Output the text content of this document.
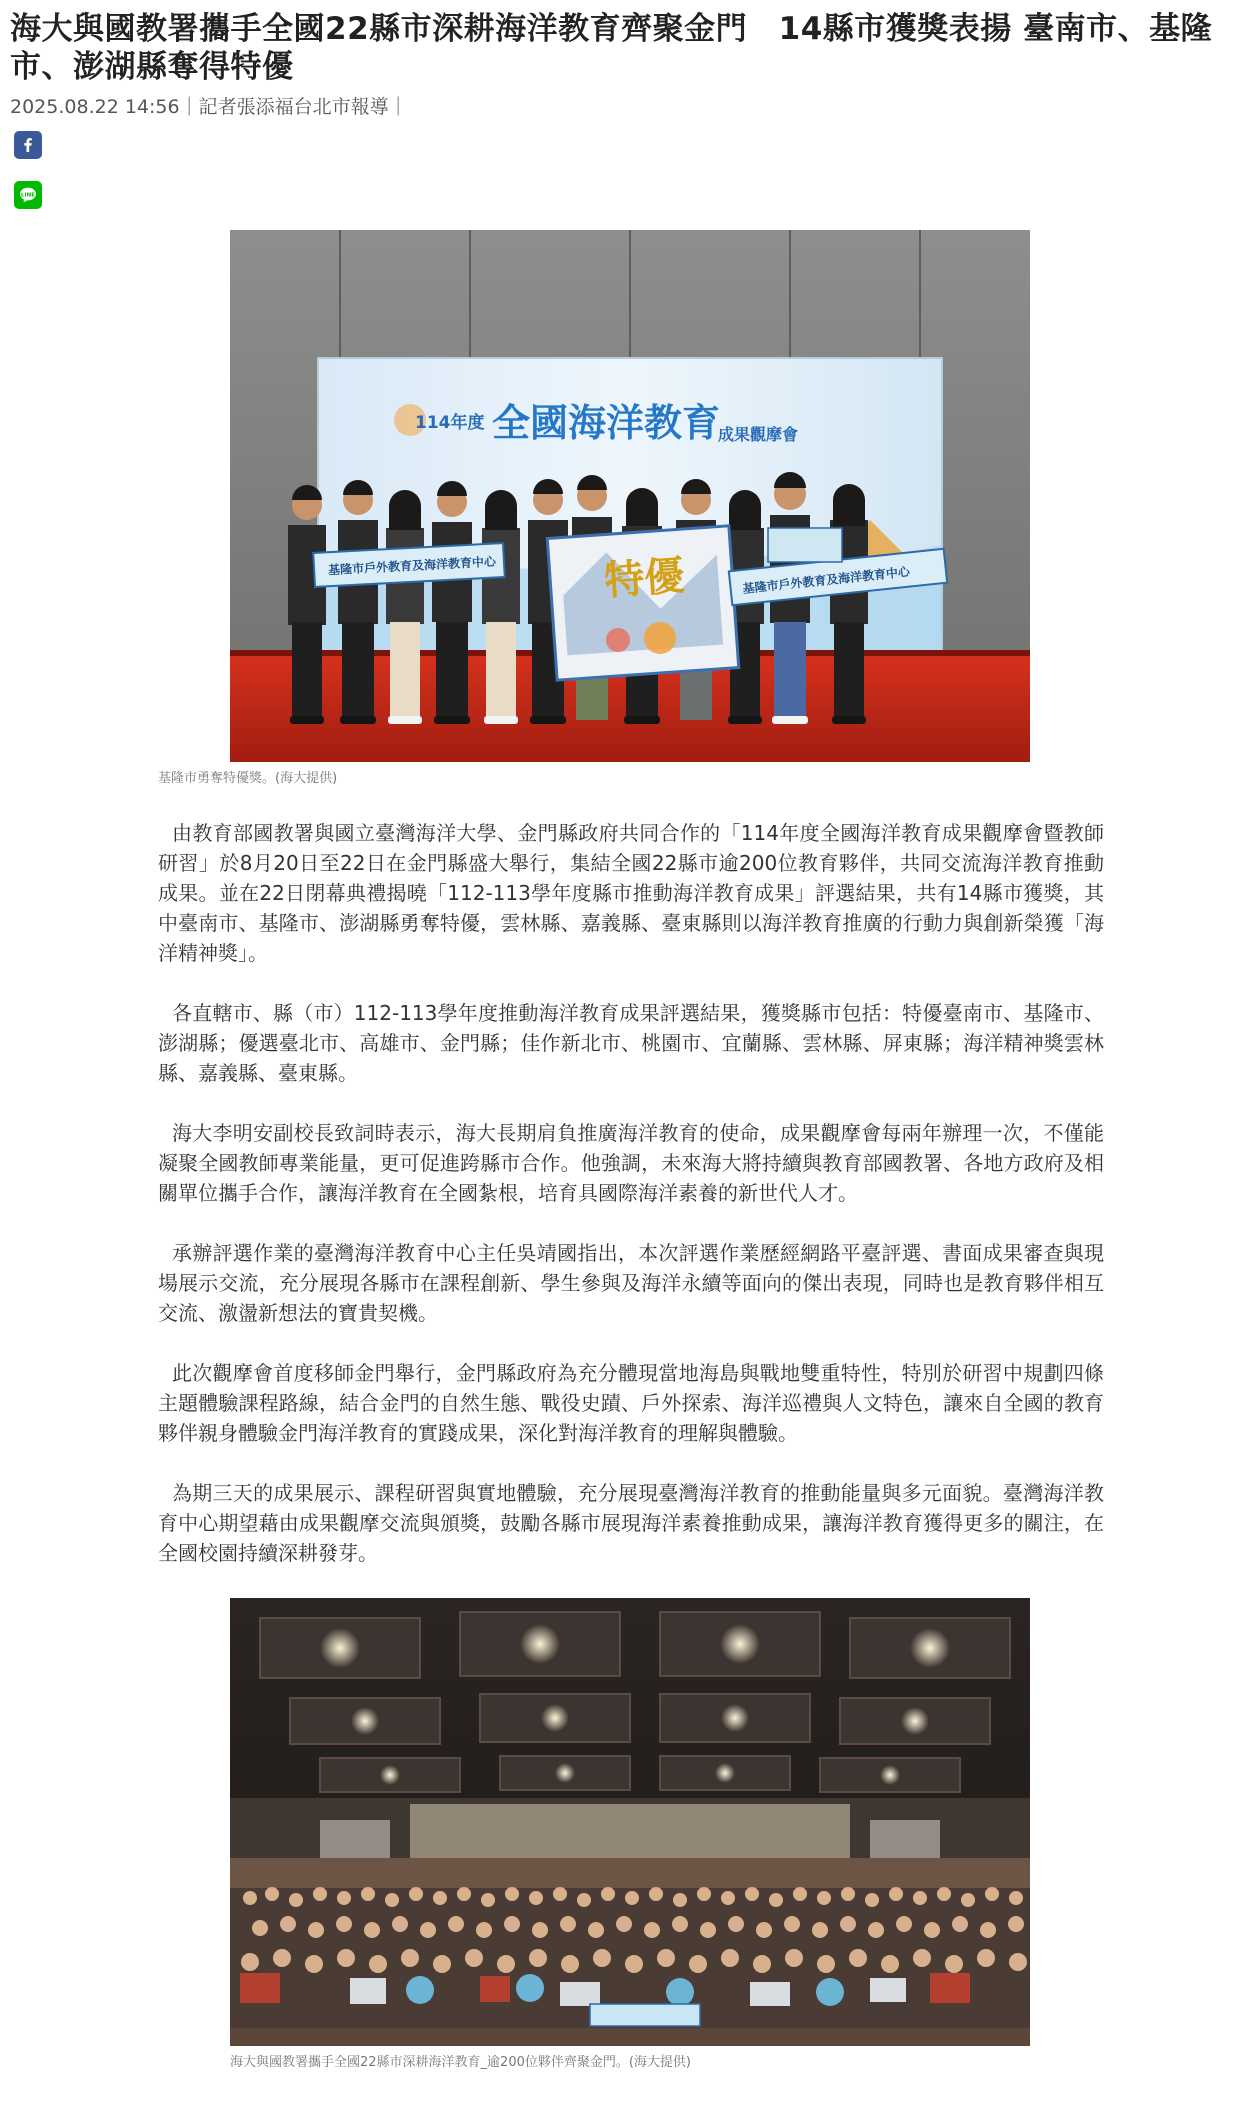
海大與國教署攜手全國22縣市深耕海洋教育齊聚金門　14縣市獲獎表揚 臺南市、基隆市、澎湖縣奪得特優
2025.08.22 14:56｜記者張添福台北市報導｜
LINE
114年度 全國海洋教育
成果觀摩會
基隆市戶外教育及海洋教育中心	特優	基隆市戶外教育及海洋教育中心

基隆市勇奪特優獎。(海大提供)

由教育部國教署與國立臺灣海洋大學、金門縣政府共同合作的「114年度全國海洋教育成果觀摩會暨教師研習」於8月20日至22日在金門縣盛大舉行，集結全國22縣市逾200位教育夥伴，共同交流海洋教育推動成果。並在22日閉幕典禮揭曉「112-113學年度縣市推動海洋教育成果」評選結果，共有14縣市獲獎，其中臺南市、基隆市、澎湖縣勇奪特優，雲林縣、嘉義縣、臺東縣則以海洋教育推廣的行動力與創新榮獲「海洋精神獎」。

各直轄市、縣（市）112-113學年度推動海洋教育成果評選結果，獲獎縣市包括：特優臺南市、基隆市、澎湖縣；優選臺北市、高雄市、金門縣；佳作新北市、桃園市、宜蘭縣、雲林縣、屏東縣；海洋精神獎雲林縣、嘉義縣、臺東縣。

海大李明安副校長致詞時表示，海大長期肩負推廣海洋教育的使命，成果觀摩會每兩年辦理一次，不僅能凝聚全國教師專業能量，更可促進跨縣市合作。他強調，未來海大將持續與教育部國教署、各地方政府及相關單位攜手合作，讓海洋教育在全國紮根，培育具國際海洋素養的新世代人才。

承辦評選作業的臺灣海洋教育中心主任吳靖國指出，本次評選作業歷經網路平臺評選、書面成果審查與現場展示交流，充分展現各縣市在課程創新、學生參與及海洋永續等面向的傑出表現，同時也是教育夥伴相互交流、激盪新想法的寶貴契機。

此次觀摩會首度移師金門舉行，金門縣政府為充分體現當地海島與戰地雙重特性，特別於研習中規劃四條主題體驗課程路線，結合金門的自然生態、戰役史蹟、戶外探索、海洋巡禮與人文特色，讓來自全國的教育夥伴親身體驗金門海洋教育的實踐成果，深化對海洋教育的理解與體驗。

為期三天的成果展示、課程研習與實地體驗，充分展現臺灣海洋教育的推動能量與多元面貌。臺灣海洋教育中心期望藉由成果觀摩交流與頒獎，鼓勵各縣市展現海洋素養推動成果，讓海洋教育獲得更多的關注，在全國校園持續深耕發芽。

海大與國教署攜手全國22縣市深耕海洋教育_逾200位夥伴齊聚金門。(海大提供)
